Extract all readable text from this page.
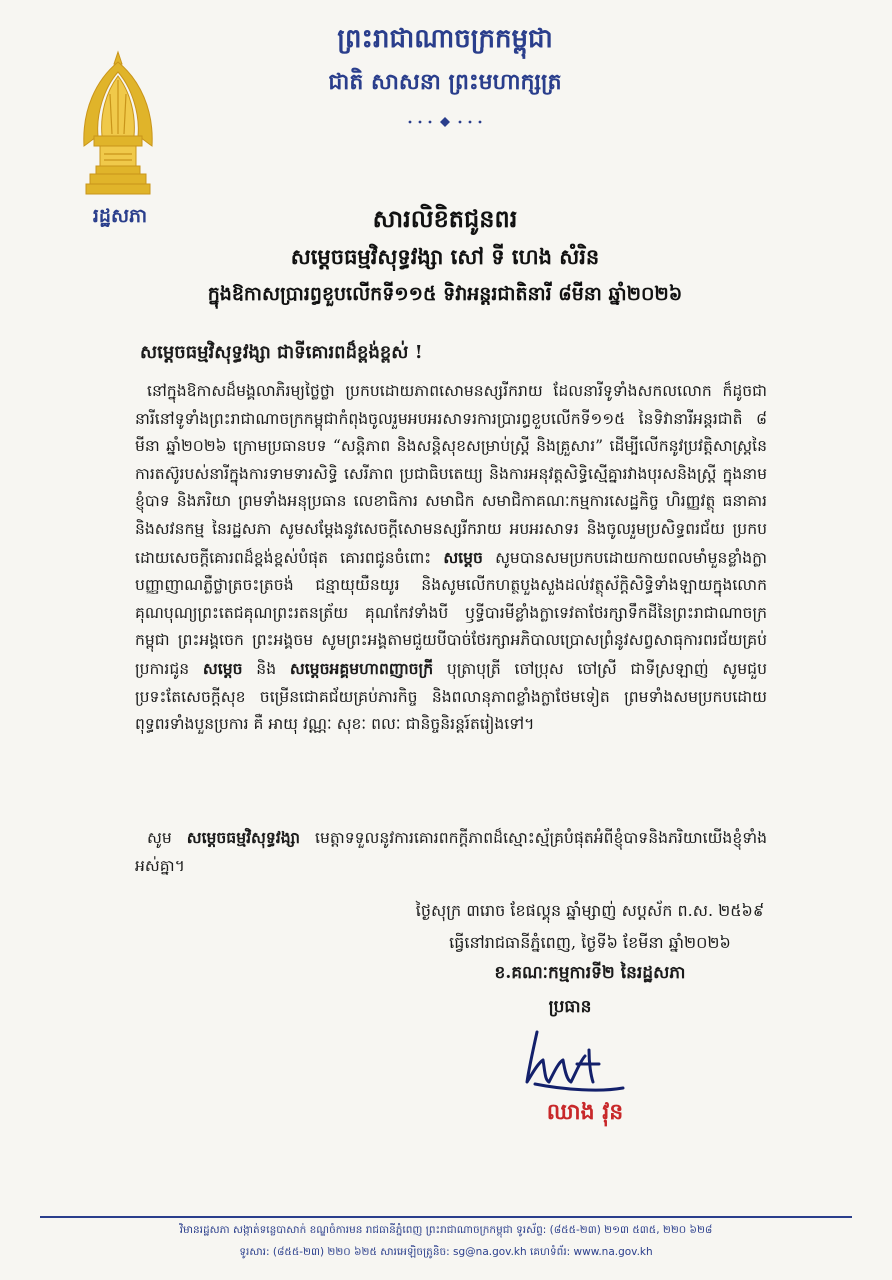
រដ្ឋសភា
ព្រះរាជាណាចក្រកម្ពុជា
ជាតិ សាសនា ព្រះមហាក្សត្រ
សារលិខិតជូនពរ
សម្តេចធម្មវិសុទ្ធវង្សា សៅ ទី ហេង សំរិន
ក្នុងឱកាសប្រារព្ធខួបលើកទី១១៥ ទិវាអន្តរជាតិនារី ៨មីនា ឆ្នាំ២០២៦
សម្តេចធម្មវិសុទ្ធវង្សា ជាទីគោរពដ៏ខ្ពង់ខ្ពស់ !

នៅក្នុងឱកាសដ៏មង្គលាភិរម្យថ្លៃថ្លា ប្រកបដោយភាពសោមនស្សរីករាយ ដែលនារីទូទាំងសកលលោក ក៏ដូចជានារីនៅទូទាំងព្រះរាជាណាចក្រកម្ពុជាកំពុងចូលរួមអបអរសាទរការប្រារព្ធខួបលើកទី១១៥ នៃទិវានារីអន្តរជាតិ ៨ មីនា ឆ្នាំ២០២៦ ក្រោមប្រធានបទ “សន្តិភាព និងសន្តិសុខសម្រាប់ស្ត្រី និងគ្រួសារ” ដើម្បីលើកនូវប្រវត្តិសាស្ត្រនៃការតស៊ូរបស់នារីក្នុងការទាមទារសិទ្ធិ សេរីភាព ប្រជាធិបតេយ្យ និងការអនុវត្តសិទ្ធិស្មើគ្នារវាងបុរសនិងស្ត្រី ក្នុងនាមខ្ញុំបាទ និងភរិយា ព្រមទាំងអនុប្រធាន លេខាធិការ សមាជិក សមាជិកាគណៈកម្មការសេដ្ឋកិច្ច ហិរញ្ញវត្ថុ ធនាគារ និងសវនកម្ម នៃរដ្ឋសភា សូមសម្តែងនូវសេចក្តីសោមនស្សរីករាយ អបអរសាទរ និងចូលរួមប្រសិទ្ធពរជ័យ ប្រកបដោយសេចក្តីគោរពដ៏ខ្ពង់ខ្ពស់បំផុត គោរពជូនចំពោះ សម្តេច សូមបានសមប្រកបដោយកាយពលមាំមួនខ្លាំងក្លា បញ្ញាញាណភ្លឺថ្លាត្រចះត្រចង់ ជន្មាយុយឺនយូរ និងសូមលើកហត្ថបួងសួងដល់វត្ថុស័ក្តិសិទ្ធិទាំងឡាយក្នុងលោក គុណបុណ្យព្រះតេជគុណព្រះរតនត្រ័យ គុណកែវទាំងបី ឫទ្ធីបារមីខ្លាំងក្លាទេវតាថែរក្សាទឹកដីនៃព្រះរាជាណាចក្រកម្ពុជា ព្រះអង្គចេក ព្រះអង្គចម សូមព្រះអង្គតាមជួយបីបាច់ថែរក្សាអភិបាលប្រោសព្រំនូវសព្វសាធុការពរជ័យគ្រប់ប្រការជូន សម្តេច និង សម្តេចអគ្គមហាពញាចក្រី បុត្រាបុត្រី ចៅប្រុស ចៅស្រី ជាទីស្រឡាញ់ សូមជួបប្រទះតែសេចក្តីសុខ ចម្រើនជោគជ័យគ្រប់ភារកិច្ច និងពលានុភាពខ្លាំងក្លាថែមទៀត ព្រមទាំងសមប្រកបដោយពុទ្ធពរទាំងបួនប្រការ គឺ អាយុ វណ្ណៈ សុខៈ ពលៈ ជានិច្ចនិរន្តរ៍តរៀងទៅ។

សូម សម្តេចធម្មវិសុទ្ធវង្សា មេត្តាទទួលនូវការគោរពកក្តីភាពដ៏ស្មោះស្ម័គ្របំផុតអំពីខ្ញុំបាទនិងភរិយាយើងខ្ញុំទាំងអស់គ្នា។

ថ្ងៃសុក្រ ៣រោច ខែផល្គុន ឆ្នាំម្សាញ់ សប្តស័ក ព.ស. ២៥៦៩
ធ្វើនៅរាជធានីភ្នំពេញ, ថ្ងៃទី៦ ខែមីនា ឆ្នាំ២០២៦
ខ.គណៈកម្មការទី២ នៃរដ្ឋសភា
ប្រធាន
ឈាង វុន
វិមានរដ្ឋសភា សង្កាត់ទន្លេបាសាក់ ខណ្ឌចំការមន រាជធានីភ្នំពេញ ព្រះរាជាណាចក្រកម្ពុជា ទូរស័ព្ទ: (៨៥៥-២៣) ២១៣ ៥៣៥, ២២០ ៦២៨
ទូរសារ: (៨៥៥-២៣) ២២០ ៦២៥ សារអេឡិចត្រូនិច: sg@na.gov.kh គេហទំព័រ: www.na.gov.kh
